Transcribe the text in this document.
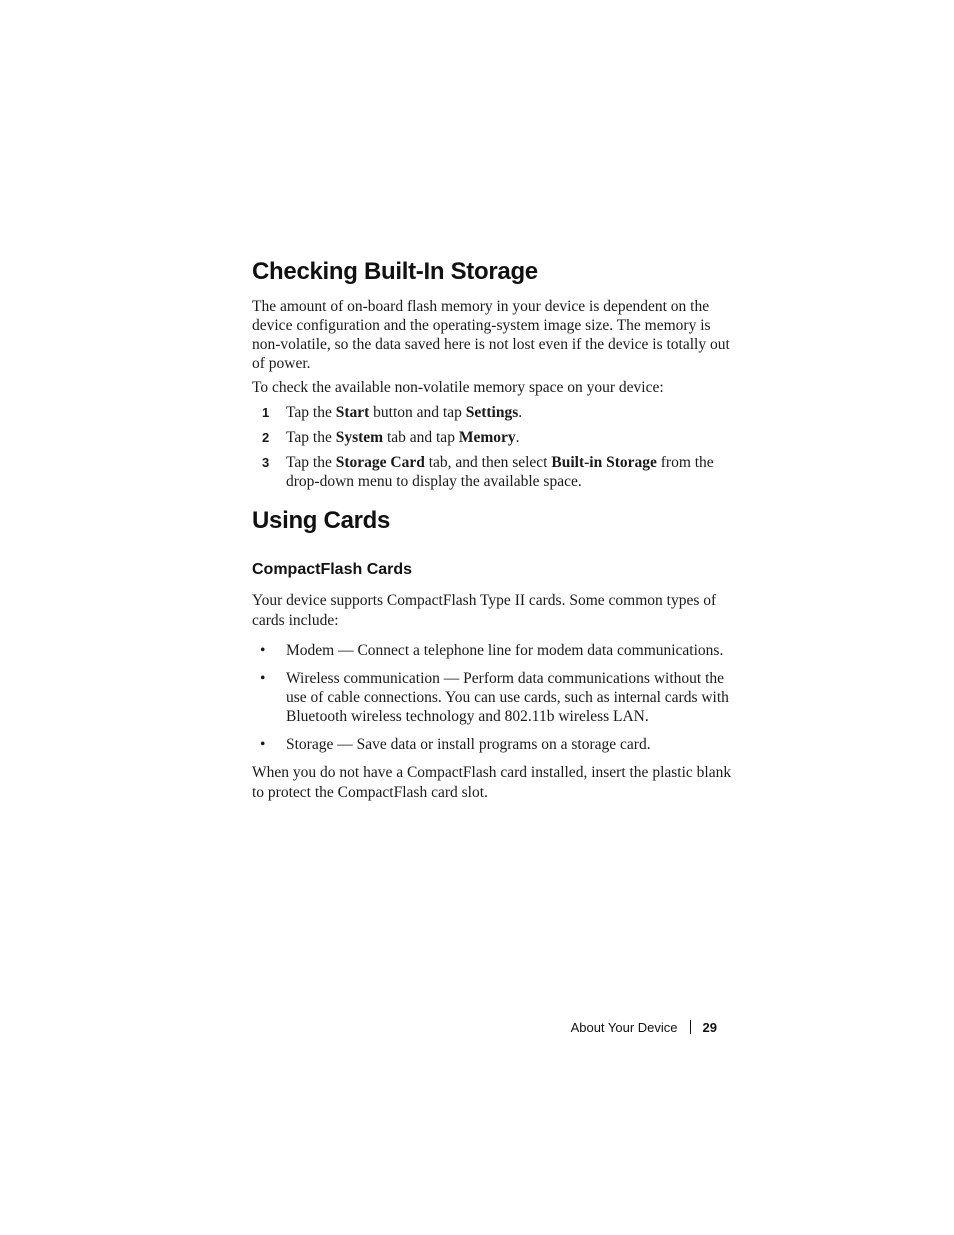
Checking Built-In Storage

The amount of on-board flash memory in your device is dependent on the device configuration and the operating-system image size. The memory is non-volatile, so the data saved here is not lost even if the device is totally out of power.

To check the available non-volatile memory space on your device:

1 Tap the Start button and tap Settings.
2 Tap the System tab and tap Memory.
3 Tap the Storage Card tab, and then select Built-in Storage from the drop-down menu to display the available space.
Using Cards
CompactFlash Cards

Your device supports CompactFlash Type II cards. Some common types of cards include:

• Modem — Connect a telephone line for modem data communications.
• Wireless communication — Perform data communications without the use of cable connections. You can use cards, such as internal cards with Bluetooth wireless technology and 802.11b wireless LAN.
• Storage — Save data or install programs on a storage card.

When you do not have a CompactFlash card installed, insert the plastic blank to protect the CompactFlash card slot.

About Your Device 29
